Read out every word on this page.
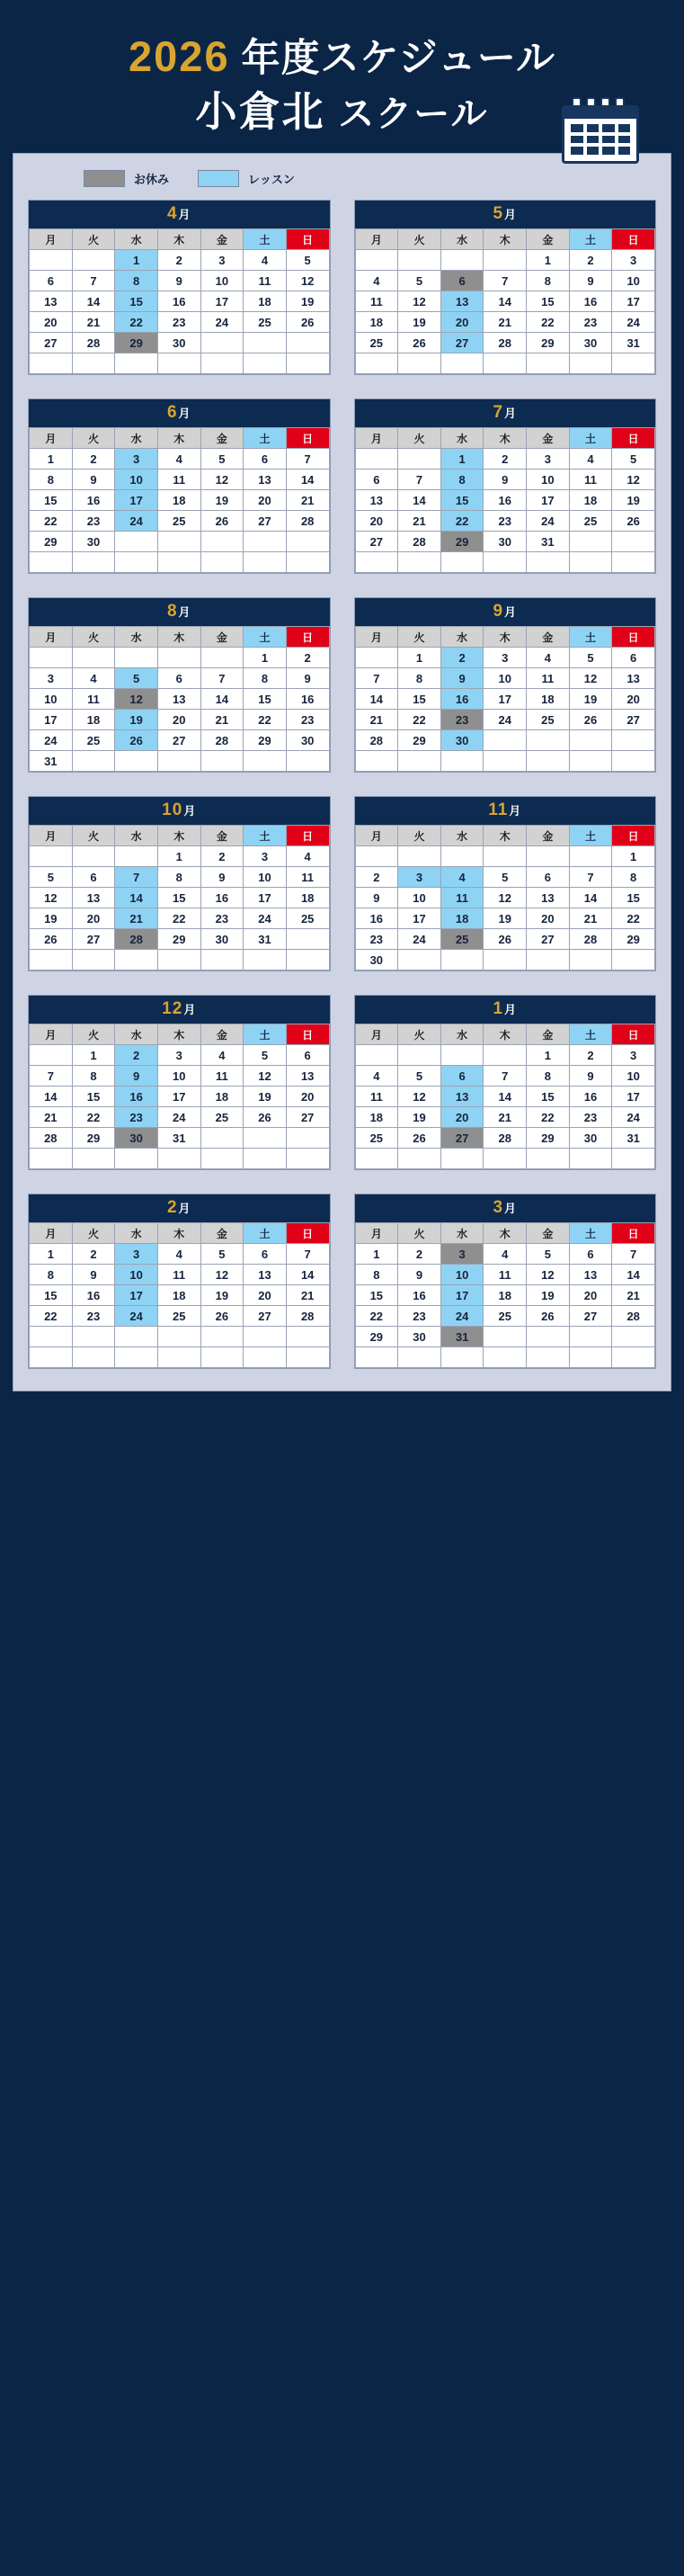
2026 年度スケジュール
小倉北 スクール
お休み	レッスン
4月
月	火	水	木	金	土	日
		1	2	3	4	5
6	7	8	9	10	11	12
13	14	15	16	17	18	19
20	21	22	23	24	25	26
27	28	29	30			

5月
月	火	水	木	金	土	日
				1	2	3
4	5	6	7	8	9	10
11	12	13	14	15	16	17
18	19	20	21	22	23	24
25	26	27	28	29	30	31

6月
月	火	水	木	金	土	日
1	2	3	4	5	6	7
8	9	10	11	12	13	14
15	16	17	18	19	20	21
22	23	24	25	26	27	28
29	30					

7月
月	火	水	木	金	土	日
		1	2	3	4	5
6	7	8	9	10	11	12
13	14	15	16	17	18	19
20	21	22	23	24	25	26
27	28	29	30	31		

8月
月	火	水	木	金	土	日
					1	2
3	4	5	6	7	8	9
10	11	12	13	14	15	16
17	18	19	20	21	22	23
24	25	26	27	28	29	30
31						
9月
月	火	水	木	金	土	日
	1	2	3	4	5	6
7	8	9	10	11	12	13
14	15	16	17	18	19	20
21	22	23	24	25	26	27
28	29	30				

10月
月	火	水	木	金	土	日
			1	2	3	4
5	6	7	8	9	10	11
12	13	14	15	16	17	18
19	20	21	22	23	24	25
26	27	28	29	30	31	

11月
月	火	水	木	金	土	日
						1
2	3	4	5	6	7	8
9	10	11	12	13	14	15
16	17	18	19	20	21	22
23	24	25	26	27	28	29
30						
12月
月	火	水	木	金	土	日
	1	2	3	4	5	6
7	8	9	10	11	12	13
14	15	16	17	18	19	20
21	22	23	24	25	26	27
28	29	30	31			

1月
月	火	水	木	金	土	日
				1	2	3
4	5	6	7	8	9	10
11	12	13	14	15	16	17
18	19	20	21	22	23	24
25	26	27	28	29	30	31

2月
月	火	水	木	金	土	日
1	2	3	4	5	6	7
8	9	10	11	12	13	14
15	16	17	18	19	20	21
22	23	24	25	26	27	28

3月
月	火	水	木	金	土	日
1	2	3	4	5	6	7
8	9	10	11	12	13	14
15	16	17	18	19	20	21
22	23	24	25	26	27	28
29	30	31				
